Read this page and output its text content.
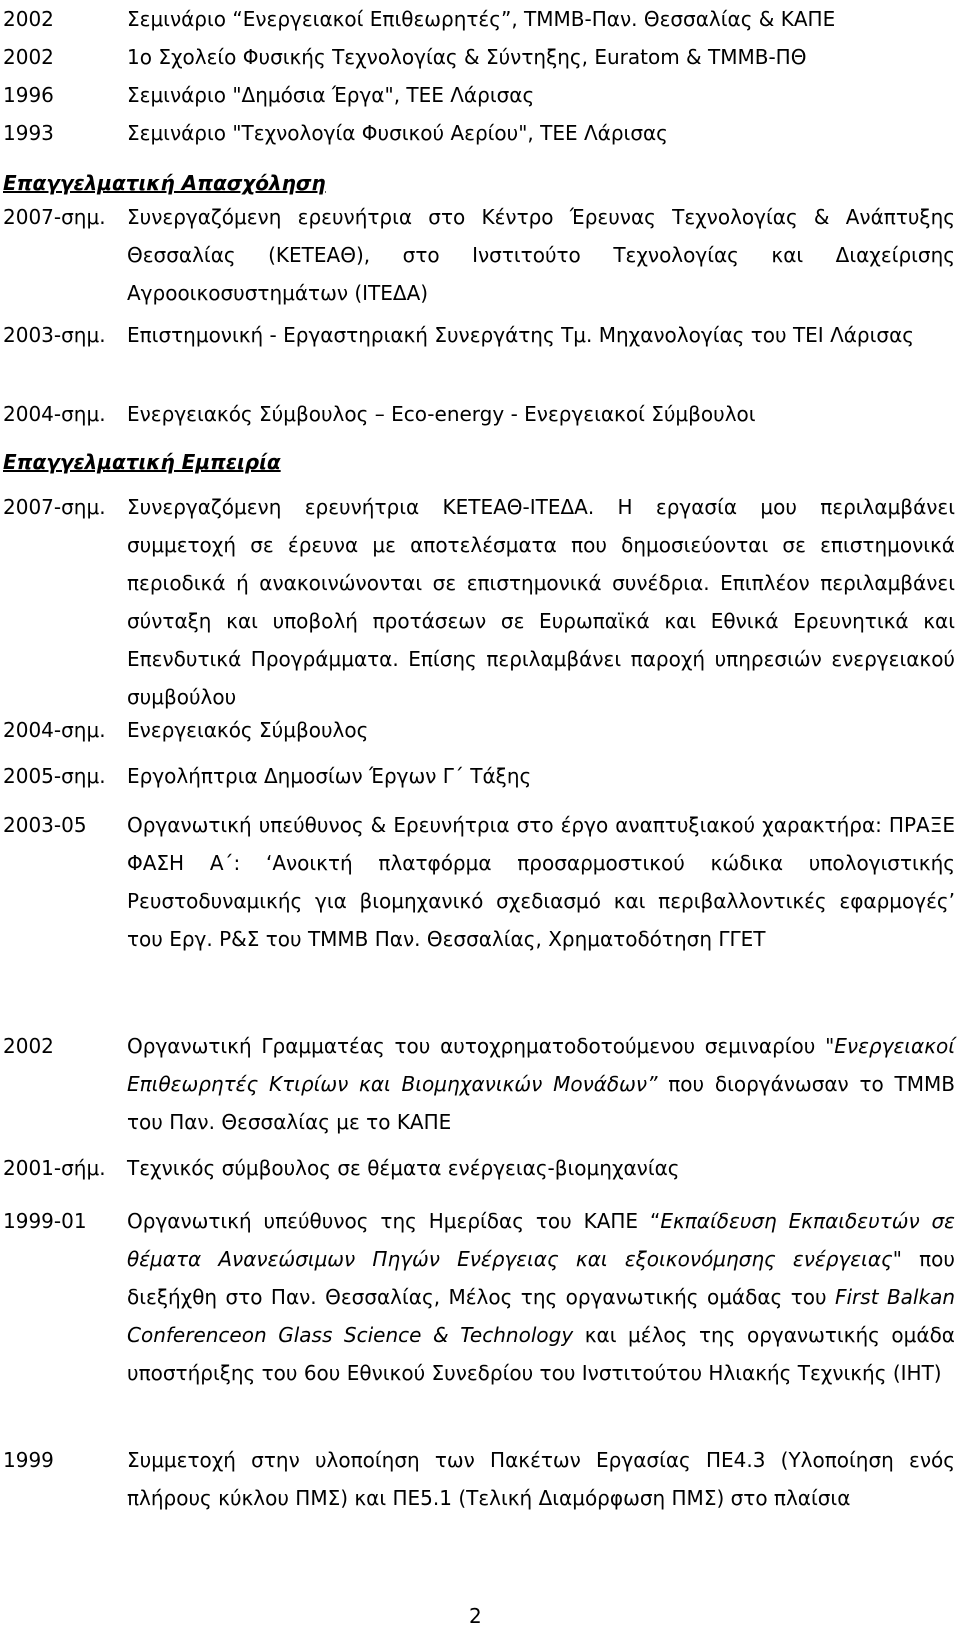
2002	Σεμινάριο “Ενεργειακοί Επιθεωρητές”, ΤΜΜΒ-Παν. Θεσσαλίας & ΚΑΠΕ
2002	1ο Σχολείο Φυσικής Τεχνολογίας & Σύντηξης, Euratom & ΤΜΜΒ-ΠΘ
1996	Σεμινάριο "Δημόσια Έργα", ΤΕΕ Λάρισας
1993	Σεμινάριο "Τεχνολογία Φυσικού Αερίου", ΤΕΕ Λάρισας
Επαγγελματική Απασχόληση
2007-σημ. Συνεργαζόμενη ερευνήτρια στο Κέντρο Έρευνας Τεχνολογίας & Ανάπτυξης Θεσσαλίας (ΚΕΤΕΑΘ), στο Ινστιτούτο Τεχνολογίας και Διαχείρισης Αγροοικοσυστημάτων (ΙΤΕΔΑ)
2003-σημ. Επιστημονική - Εργαστηριακή Συνεργάτης Τμ. Μηχανολογίας του ΤΕΙ Λάρισας
2004-σημ. Ενεργειακός Σύμβουλος – Eco-energy - Ενεργειακοί Σύμβουλοι
Επαγγελματική Εμπειρία
2007-σημ. Συνεργαζόμενη ερευνήτρια ΚΕΤΕΑΘ-ΙΤΕΔΑ. Η εργασία μου περιλαμβάνει συμμετοχή σε έρευνα με αποτελέσματα που δημοσιεύονται σε επιστημονικά περιοδικά ή ανακοινώνονται σε επιστημονικά συνέδρια. Επιπλέον περιλαμβάνει σύνταξη και υποβολή προτάσεων σε Ευρωπαϊκά και Εθνικά Ερευνητικά και Επενδυτικά Προγράμματα. Επίσης περιλαμβάνει παροχή υπηρεσιών ενεργειακού συμβούλου
2004-σημ. Ενεργειακός Σύμβουλος
2005-σημ. Εργολήπτρια Δημοσίων Έργων Γ΄ Τάξης
2003-05 Οργανωτική υπεύθυνος & Ερευνήτρια στο έργο αναπτυξιακού χαρακτήρα: ΠΡΑΞΕ ΦΑΣΗ Α΄: ‘Ανοικτή πλατφόρμα προσαρμοστικού κώδικα υπολογιστικής Ρευστοδυναμικής για βιομηχανικό σχεδιασμό και περιβαλλοντικές εφαρμογές’ του Εργ. Ρ&Σ του ΤΜΜΒ Παν. Θεσσαλίας, Χρηματοδότηση ΓΓΕΤ
2002	Οργανωτική Γραμματέας του αυτοχρηματοδοτούμενου σεμιναρίου "Ενεργειακοί Επιθεωρητές Κτιρίων και Βιομηχανικών Μονάδων” που διοργάνωσαν το ΤΜΜΒ του Παν. Θεσσαλίας με το ΚΑΠΕ
2001-σήμ. Τεχνικός σύμβουλος σε θέματα ενέργειας-βιομηχανίας
1999-01 Οργανωτική υπεύθυνος της Ημερίδας του ΚΑΠΕ “Εκπαίδευση Εκπαιδευτών σε θέματα Ανανεώσιμων Πηγών Ενέργειας και εξοικονόμησης ενέργειας" που διεξήχθη στο Παν. Θεσσαλίας, Μέλος της οργανωτικής ομάδας του First Balkan Conferenceon Glass Science & Technology και μέλος της οργανωτικής ομάδα υποστήριξης του 6ου Εθνικού Συνεδρίου του Ινστιτούτου Ηλιακής Τεχνικής (ΙΗΤ)
1999	Συμμετοχή στην υλοποίηση των Πακέτων Εργασίας ΠΕ4.3 (Υλοποίηση ενός πλήρους κύκλου ΠΜΣ) και ΠΕ5.1 (Τελική Διαμόρφωση ΠΜΣ) στο πλαίσια
2
